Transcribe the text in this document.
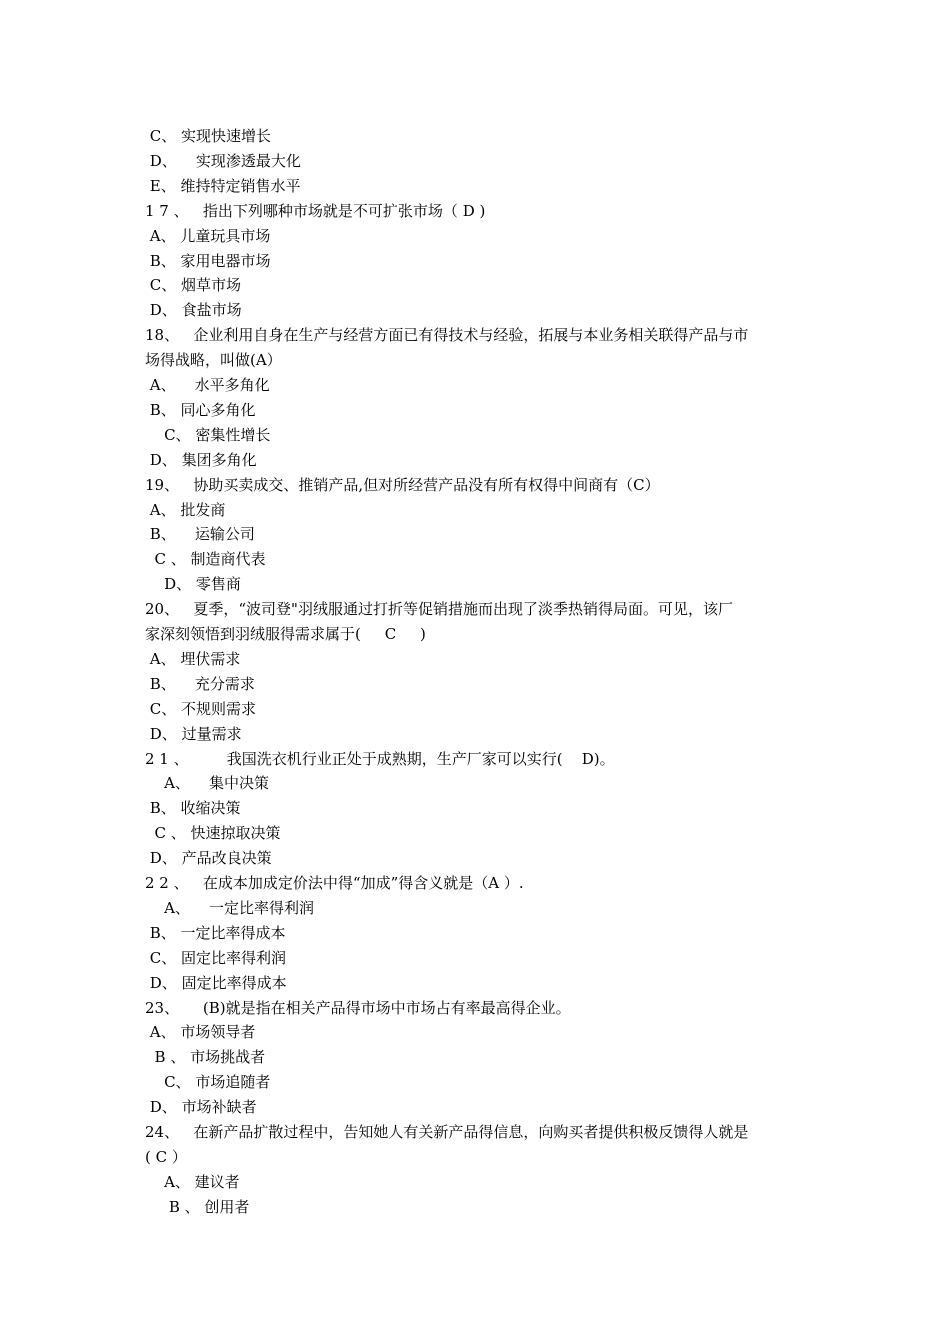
C、 实现快速增长
D、    实现渗透最大化
E、 维持特定销售水平
1 7 、   指出下列哪种市场就是不可扩张市场（ D )
A、 儿童玩具市场
B、 家用电器市场
C、 烟草市场
D、 食盐市场
18、   企业利用自身在生产与经营方面已有得技术与经验，拓展与本业务相关联得产品与市
场得战略，叫做(A）
A、    水平多角化
B、 同心多角化
C、 密集性增长
D、 集团多角化
19、   协助买卖成交、推销产品,但对所经营产品没有所有权得中间商有（C）
A、 批发商
B、    运输公司
C 、 制造商代表
D、 零售商
20、   夏季，“波司登"羽绒服通过打折等促销措施而出现了淡季热销得局面。可见，该厂
家深刻领悟到羽绒服得需求属于(     C     )
A、 埋伏需求
B、    充分需求
C、 不规则需求
D、 过量需求
2 1 、        我国洗衣机行业正处于成熟期，生产厂家可以实行(    D)。
A、    集中决策
B、 收缩决策
C 、 快速掠取决策
D、 产品改良决策
2 2 、   在成本加成定价法中得“加成”得含义就是（A ）.
A、    一定比率得利润
B、 一定比率得成本
C、 固定比率得利润
D、 固定比率得成本
23、     (B)就是指在相关产品得市场中市场占有率最高得企业。
A、 市场领导者
B 、 市场挑战者
C、 市场追随者
D、 市场补缺者
24、   在新产品扩散过程中，告知她人有关新产品得信息，向购买者提供积极反馈得人就是
( C ）
A、 建议者
B 、 创用者
